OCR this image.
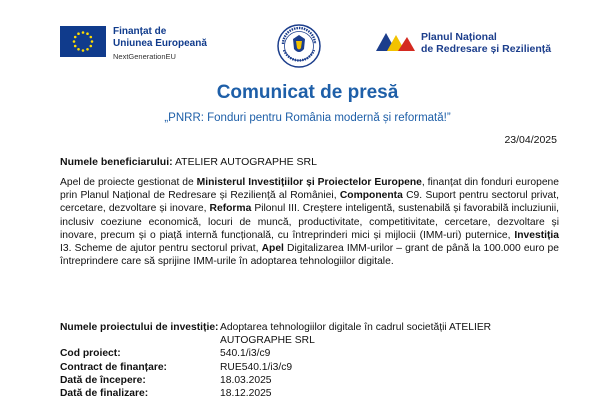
Finanțat de
Uniunea Europeană
NextGenerationEU
Planul Național
de Redresare și Reziliență
Comunicat de presă
„PNRR: Fonduri pentru România modernă și reformată!”
23/04/2025
Numele beneficiarului: ATELIER AUTOGRAPHE SRL
Apel de proiecte gestionat de Ministerul Investițiilor și Proiectelor Europene, finanțat din fonduri europene prin Planul Național de Redresare și Reziliență al României, Componenta C9. Suport pentru sectorul privat, cercetare, dezvoltare și inovare, Reforma Pilonul III. Creștere inteligentă, sustenabilă și favorabilă incluziunii, inclusiv coeziune economică, locuri de muncă, productivitate, competitivitate, cercetare, dezvoltare și inovare, precum și o piață internă funcțională, cu întreprinderi mici și mijlocii (IMM-uri) puternice, Investiția I3. Scheme de ajutor pentru sectorul privat, Apel Digitalizarea IMM-urilor – grant de până la 100.000 euro pe întreprindere care să sprijine IMM-urile în adoptarea tehnologiilor digitale.
Numele proiectului de investiție: Adoptarea tehnologiilor digitale în cadrul societății ATELIER AUTOGRAPHE SRL
Cod proiect:	540.1/i3/c9
Contract de finanțare:	RUE540.1/i3/c9
Dată de începere:	18.03.2025
Dată de finalizare:	18.12.2025
